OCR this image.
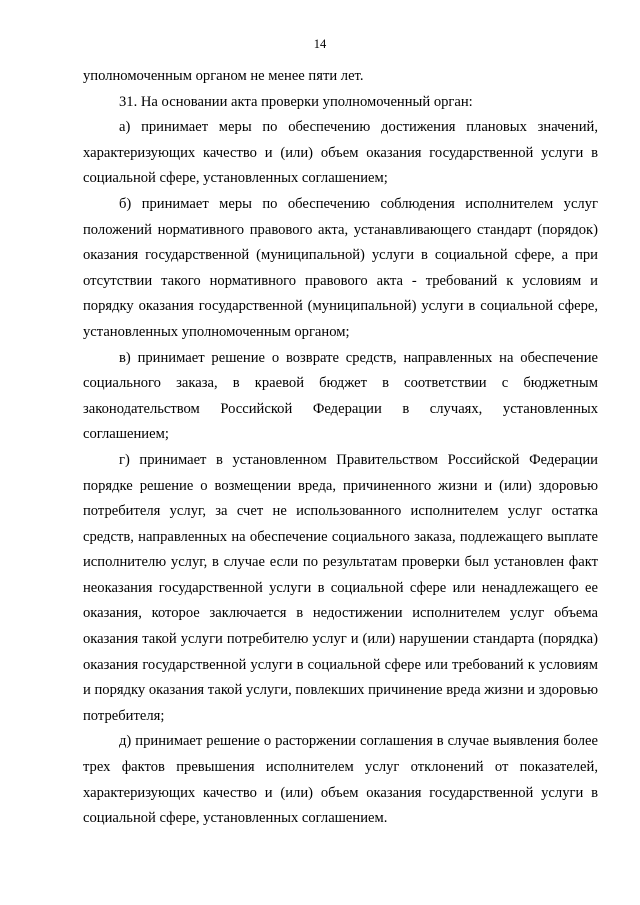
14

уполномоченным органом не менее пяти лет.

31. На основании акта проверки уполномоченный орган:

а) принимает меры по обеспечению достижения плановых значений, характеризующих качество и (или) объем оказания государственной услуги в социальной сфере, установленных соглашением;

б) принимает меры по обеспечению соблюдения исполнителем услуг положений нормативного правового акта, устанавливающего стандарт (порядок) оказания государственной (муниципальной) услуги в социальной сфере, а при отсутствии такого нормативного правового акта - требований к условиям и порядку оказания государственной (муниципальной) услуги в социальной сфере, установленных уполномоченным органом;

в) принимает решение о возврате средств, направленных на обеспечение социального заказа, в краевой бюджет в соответствии с бюджетным законодательством Российской Федерации в случаях, установленных соглашением;

г) принимает в установленном Правительством Российской Федерации порядке решение о возмещении вреда, причиненного жизни и (или) здоровью потребителя услуг, за счет не использованного исполнителем услуг остатка средств, направленных на обеспечение социального заказа, подлежащего выплате исполнителю услуг, в случае если по результатам проверки был установлен факт неоказания государственной услуги в социальной сфере или ненадлежащего ее оказания, которое заключается в недостижении исполнителем услуг объема оказания такой услуги потребителю услуг и (или) нарушении стандарта (порядка) оказания государственной услуги в социальной сфере или требований к условиям и порядку оказания такой услуги, повлекших причинение вреда жизни и здоровью потребителя;

д) принимает решение о расторжении соглашения в случае выявления более трех фактов превышения исполнителем услуг отклонений от показателей, характеризующих качество и (или) объем оказания государственной услуги в социальной сфере, установленных соглашением.
